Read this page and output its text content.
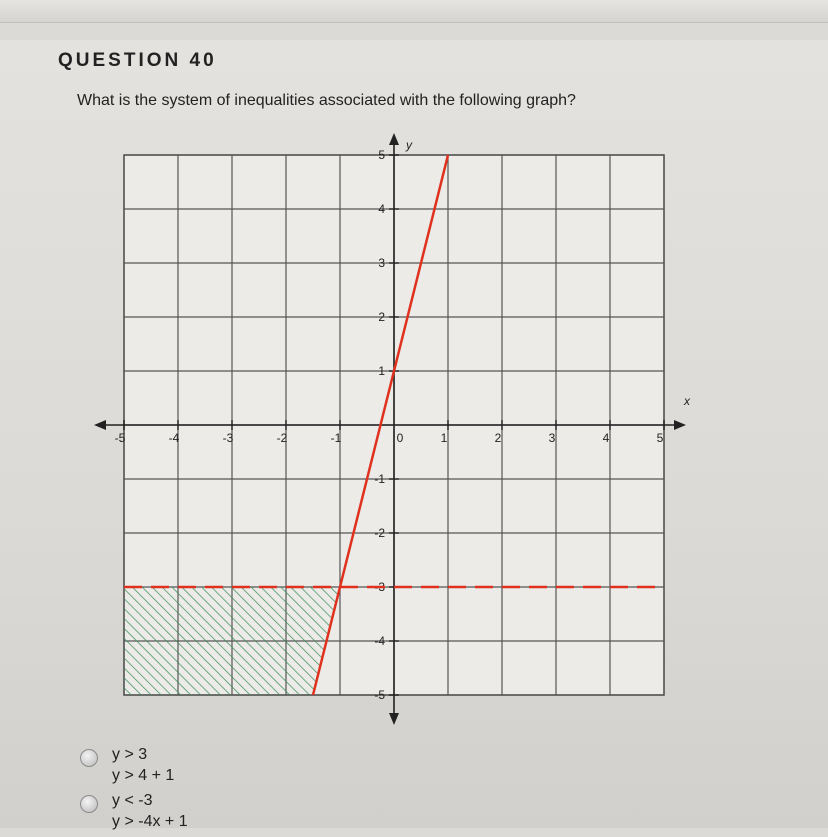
QUESTION 40
What is the system of inequalities associated with the following graph?
-5	-4	-3	-2	-1	0	1	2	3	4	5
5
4
3
2
1
-1
-2
-3
-4
-5
x
y
y > 3
y > 4 + 1
y < -3
y > -4x + 1
